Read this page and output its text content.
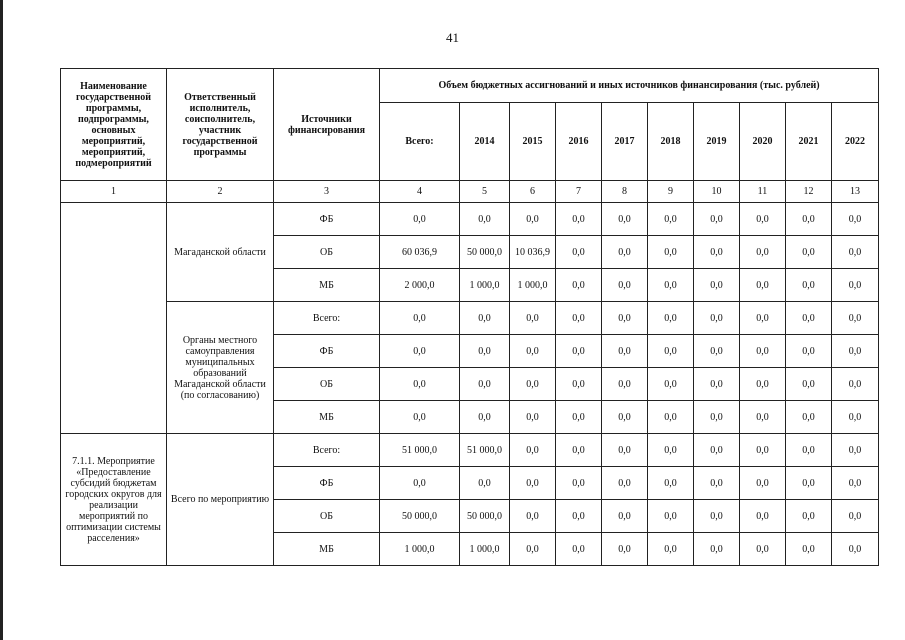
41
Наименование государственной программы, подпрограммы, основных мероприятий, мероприятий, подмероприятий	Ответственный исполнитель, соисполнитель, участник государственной программы	Источники финансирования	Объем бюджетных ассигнований и иных источников финансирования (тыс. рублей)									
			Всего:	2014	2015	2016	2017	2018	2019	2020	2021	2022
1	2	3	4	5	6	7	8	9	10	11	12	13
	Магаданской области	ФБ	0,0	0,0	0,0	0,0	0,0	0,0	0,0	0,0	0,0	0,0
		ОБ	60 036,9	50 000,0	10 036,9	0,0	0,0	0,0	0,0	0,0	0,0	0,0
		МБ	2 000,0	1 000,0	1 000,0	0,0	0,0	0,0	0,0	0,0	0,0	0,0
	Органы местного самоуправления муниципальных образований Магаданской области (по согласованию)	Всего:	0,0	0,0	0,0	0,0	0,0	0,0	0,0	0,0	0,0	0,0
		ФБ	0,0	0,0	0,0	0,0	0,0	0,0	0,0	0,0	0,0	0,0
		ОБ	0,0	0,0	0,0	0,0	0,0	0,0	0,0	0,0	0,0	0,0
		МБ	0,0	0,0	0,0	0,0	0,0	0,0	0,0	0,0	0,0	0,0
7.1.1. Мероприятие «Предоставление субсидий бюджетам городских округов для реализации мероприятий по оптимизации системы расселения»	Всего по мероприятию	Всего:	51 000,0	51 000,0	0,0	0,0	0,0	0,0	0,0	0,0	0,0	0,0
		ФБ	0,0	0,0	0,0	0,0	0,0	0,0	0,0	0,0	0,0	0,0
		ОБ	50 000,0	50 000,0	0,0	0,0	0,0	0,0	0,0	0,0	0,0	0,0
		МБ	1 000,0	1 000,0	0,0	0,0	0,0	0,0	0,0	0,0	0,0	0,0
